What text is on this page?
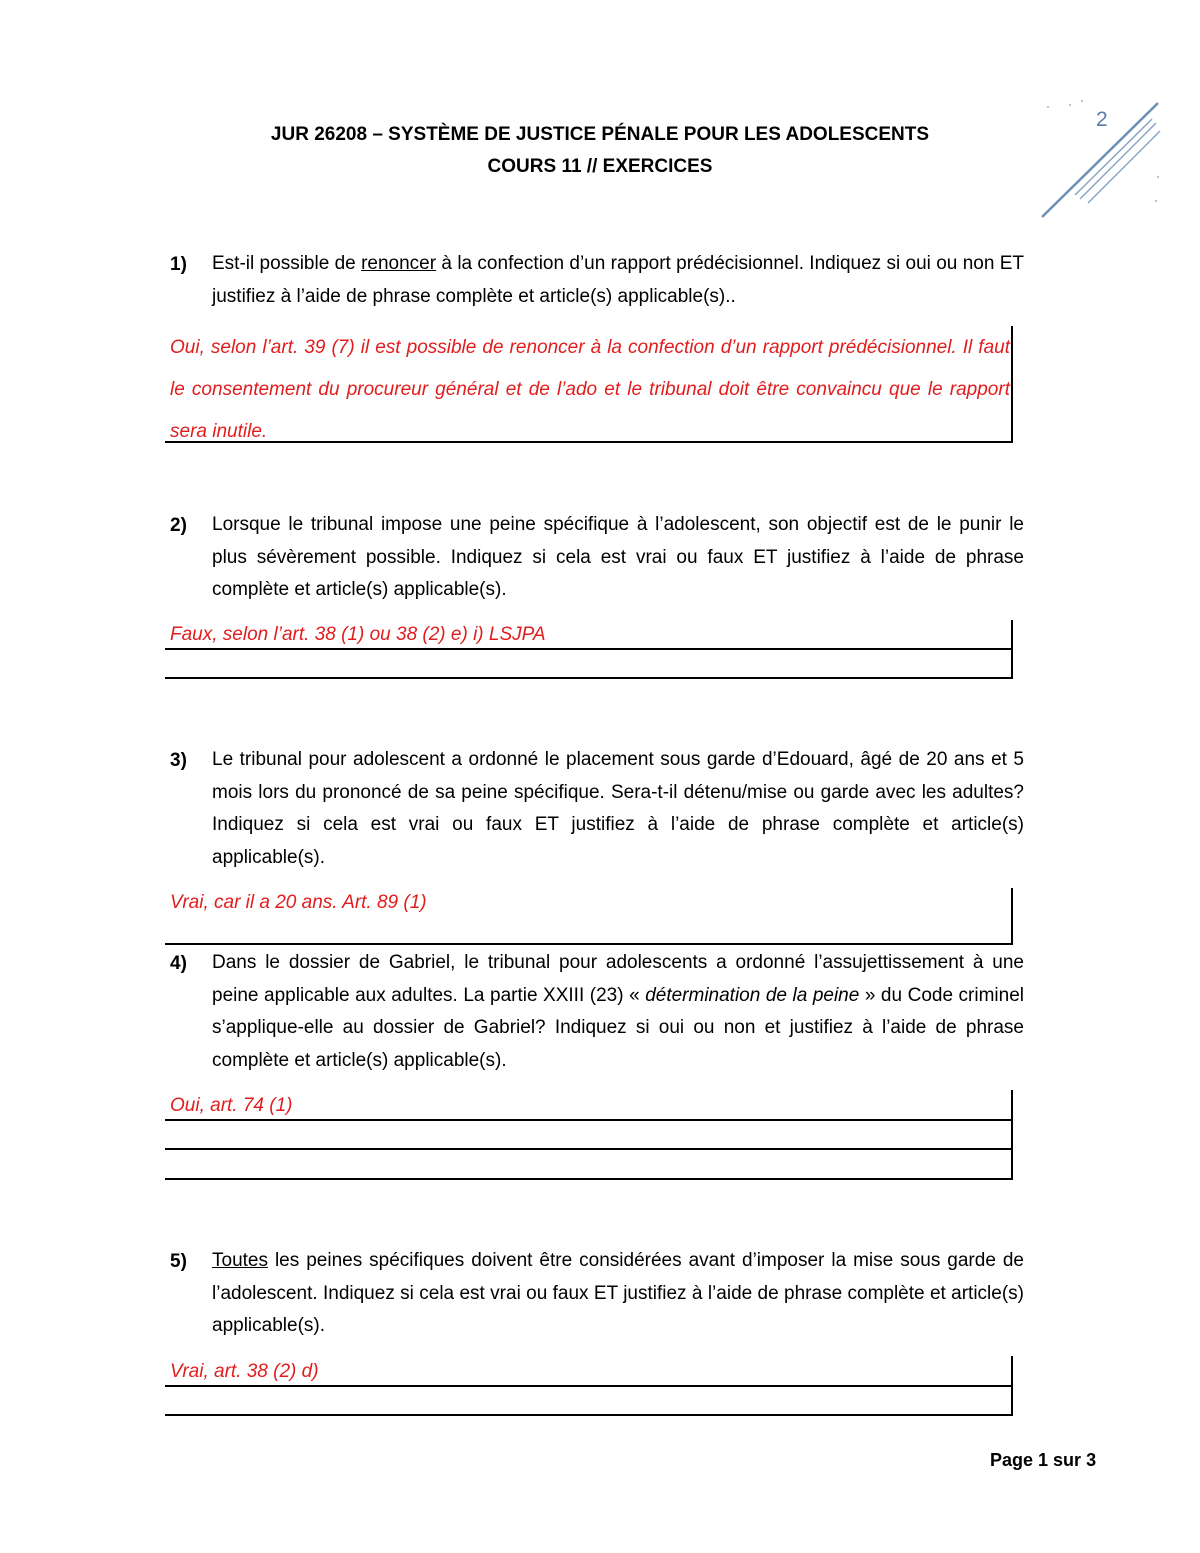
2
JUR 26208 – SYSTÈME DE JUSTICE PÉNALE POUR LES ADOLESCENTS
COURS 11 // EXERCICES
1) Est-il possible de renoncer à la confection d’un rapport prédécisionnel. Indiquez si oui ou non ET justifiez à l’aide de phrase complète et article(s) applicable(s)..

Oui, selon l’art. 39 (7) il est possible de renoncer à la confection d’un rapport prédécisionnel. Il faut le consentement du procureur général et de l’ado et le tribunal doit être convaincu que le rapport sera inutile.
2) Lorsque le tribunal impose une peine spécifique à l’adolescent, son objectif est de le punir le plus sévèrement possible. Indiquez si cela est vrai ou faux ET justifiez à l’aide de phrase complète et article(s) applicable(s).
Faux, selon l’art. 38 (1) ou 38 (2) e) i) LSJPA
3) Le tribunal pour adolescent a ordonné le placement sous garde d’Edouard, âgé de 20 ans et 5 mois lors du prononcé de sa peine spécifique. Sera-t-il détenu/mise ou garde avec les adultes? Indiquez si cela est vrai ou faux ET justifiez à l’aide de phrase complète et article(s) applicable(s).
Vrai, car il a 20 ans. Art. 89 (1)
4) Dans le dossier de Gabriel, le tribunal pour adolescents a ordonné l’assujettissement à une peine applicable aux adultes. La partie XXIII (23) « détermination de la peine » du Code criminel s’applique-elle au dossier de Gabriel? Indiquez si oui ou non et justifiez à l’aide de phrase complète et article(s) applicable(s).

Oui, art. 74 (1)
5) Toutes les peines spécifiques doivent être considérées avant d’imposer la mise sous garde de l’adolescent. Indiquez si cela est vrai ou faux ET justifiez à l’aide de phrase complète et article(s) applicable(s).

Vrai, art. 38 (2) d)
Page 1 sur 3
